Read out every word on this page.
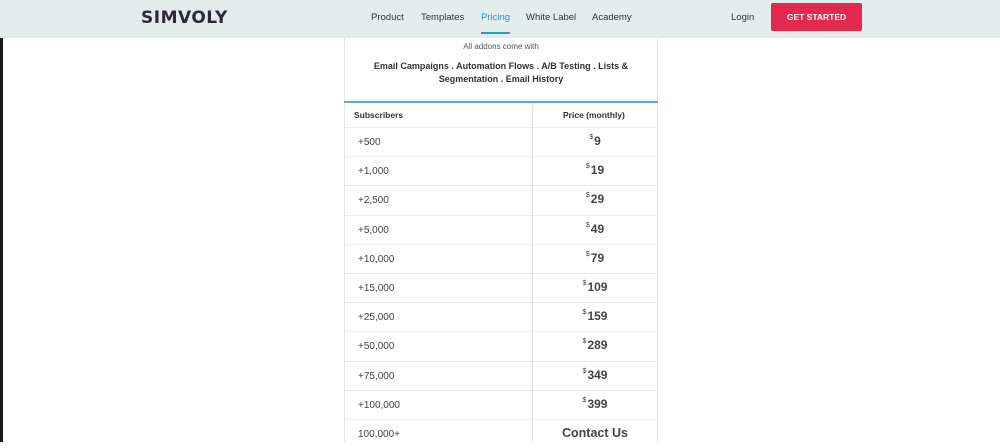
SIMVOLY	Product Templates Pricing White Label Academy	Login	GET STARTED
All addons come with
Email Campaigns . Automation Flows . A/B Testing . Lists & Segmentation . Email History
Subscribers	Price (monthly)
+500	$9
+1,000	$19
+2,500	$29
+5,000	$49
+10,000	$79
+15,000	$109
+25,000	$159
+50,000	$289
+75,000	$349
+100,000	$399
100,000+	Contact Us
